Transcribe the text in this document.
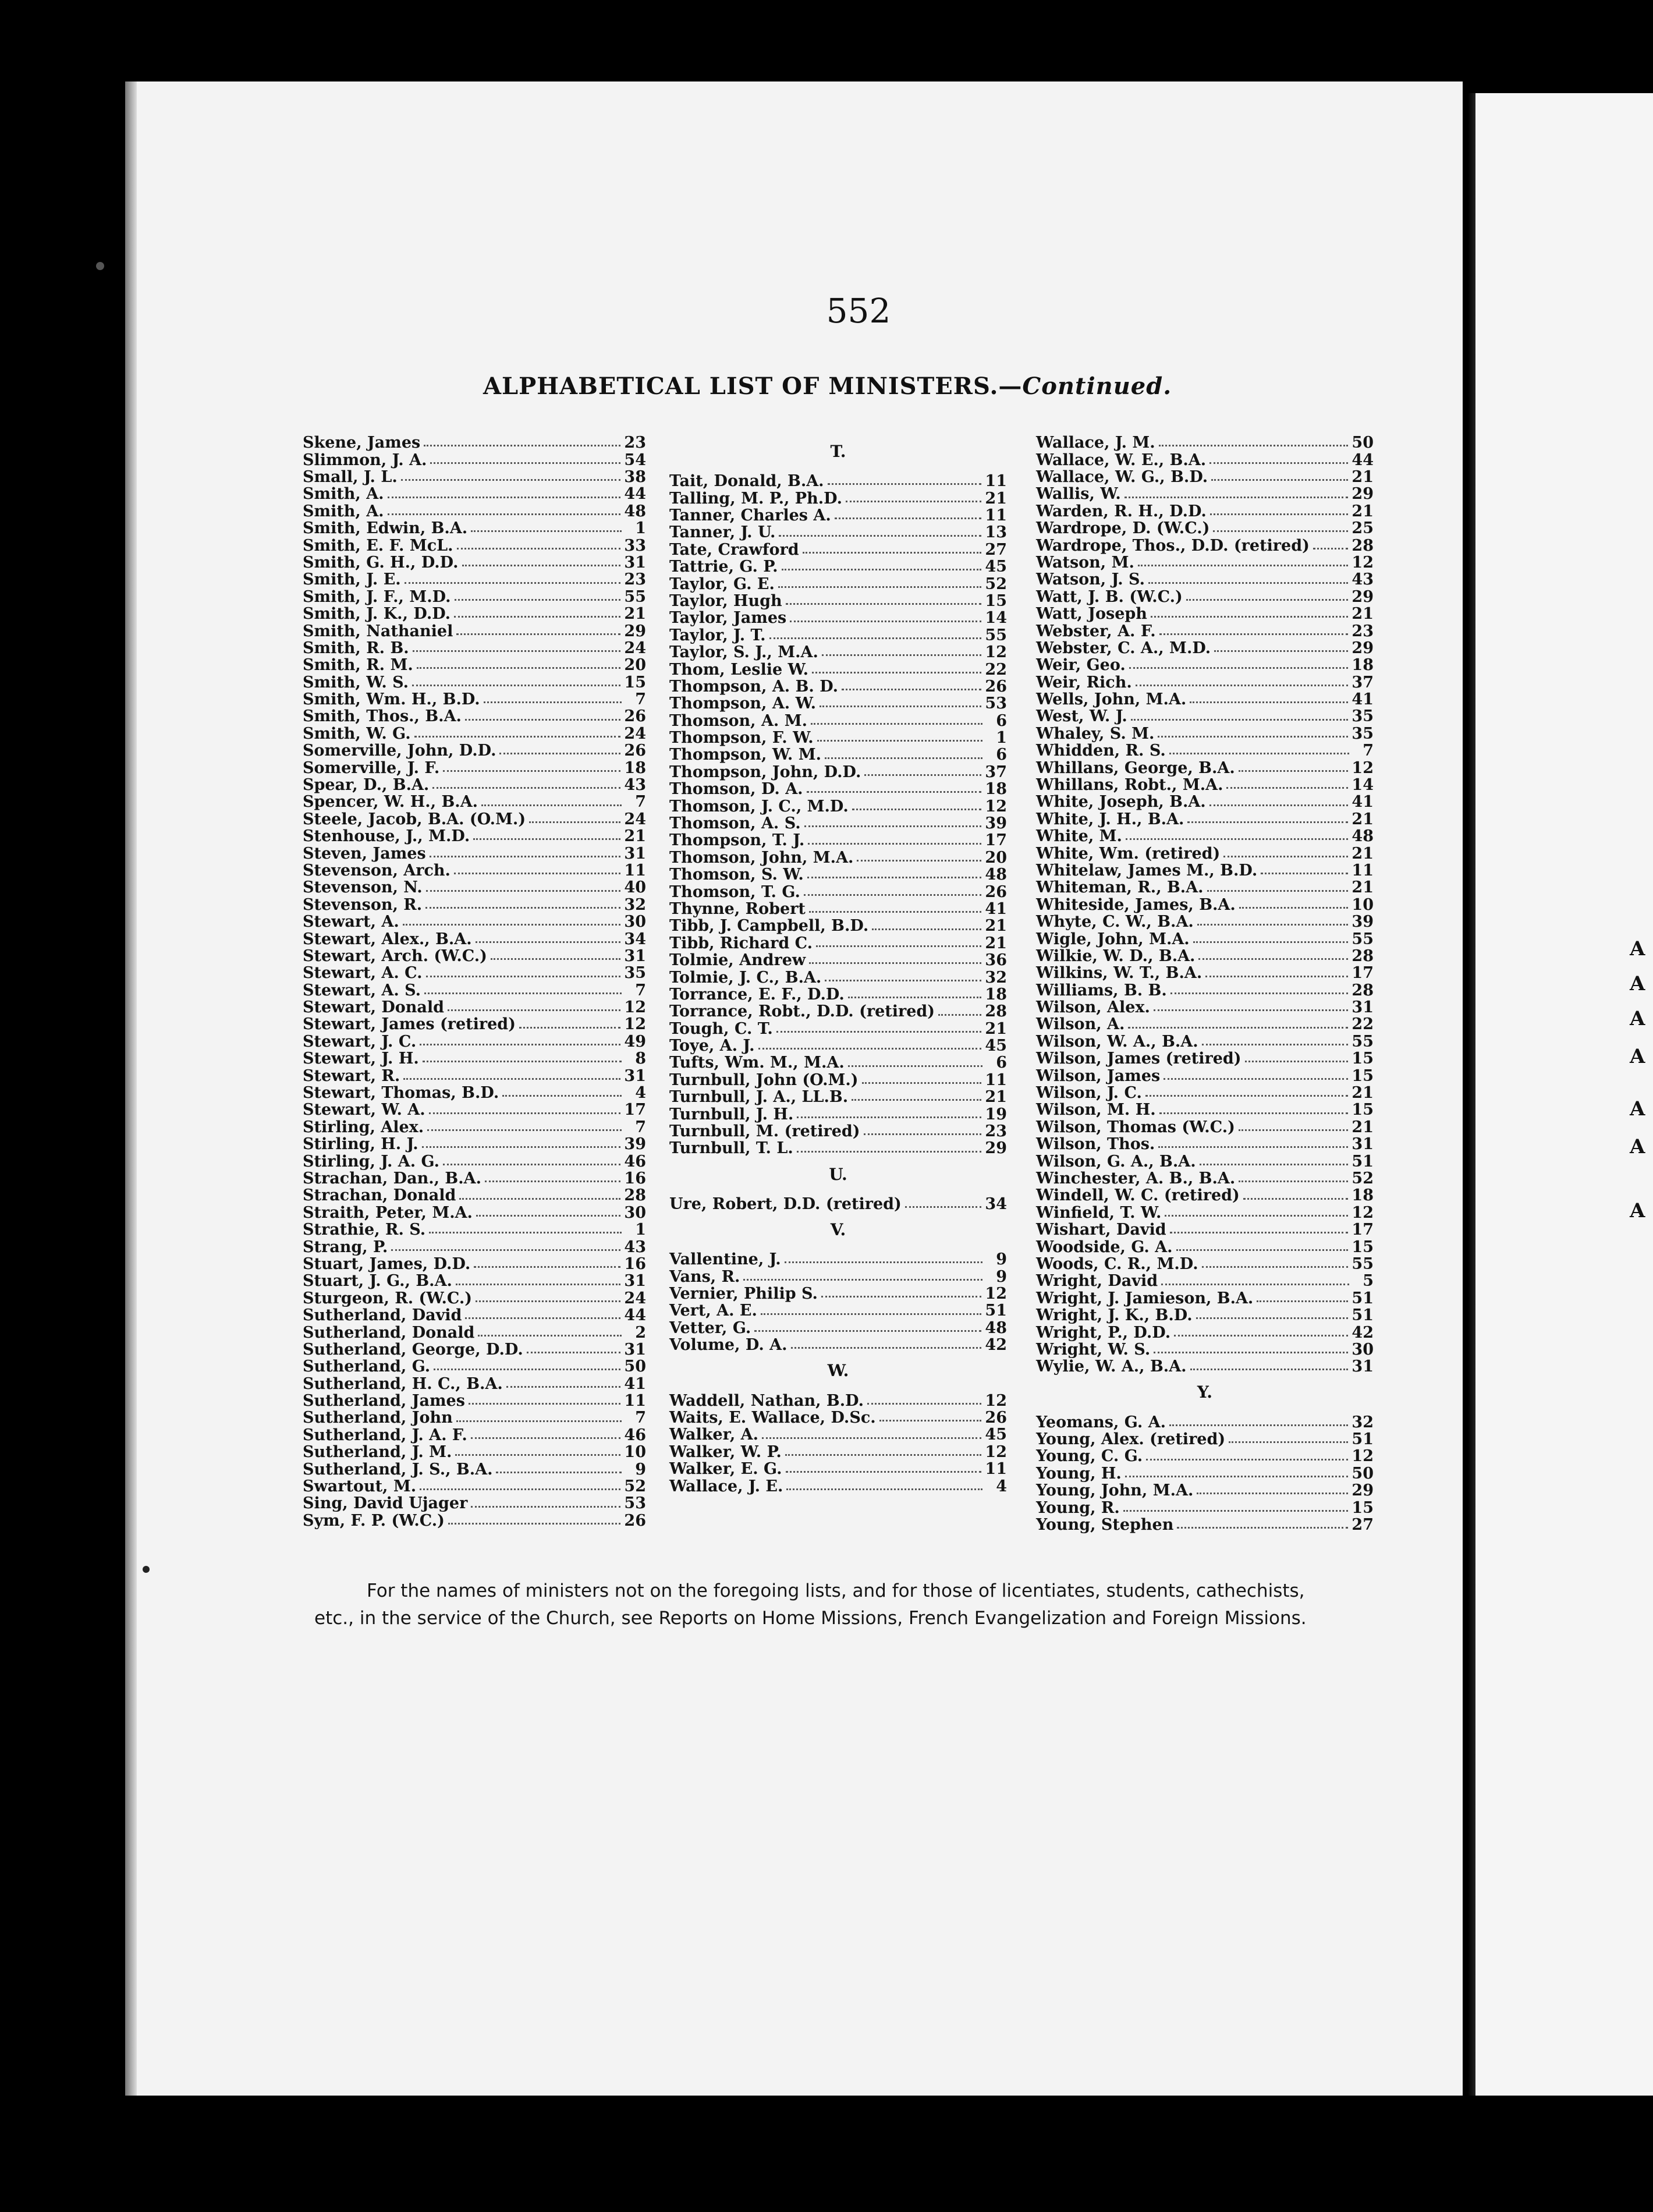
552
ALPHABETICAL LIST OF MINISTERS.—Continued.
Skene, James	23
Slimmon, J. A.	54
Small, J. L.	38
Smith, A.	44
Smith, A.	48
Smith, Edwin, B.A.	1
Smith, E. F. McL.	33
Smith, G. H., D.D.	31
Smith, J. E.	23
Smith, J. F., M.D.	55
Smith, J. K., D.D.	21
Smith, Nathaniel	29
Smith, R. B.	24
Smith, R. M.	20
Smith, W. S.	15
Smith, Wm. H., B.D.	7
Smith, Thos., B.A.	26
Smith, W. G.	24
Somerville, John, D.D.	26
Somerville, J. F.	18
Spear, D., B.A.	43
Spencer, W. H., B.A.	7
Steele, Jacob, B.A. (O.M.)	24
Stenhouse, J., M.D.	21
Steven, James	31
Stevenson, Arch.	11
Stevenson, N.	40
Stevenson, R.	32
Stewart, A.	30
Stewart, Alex., B.A.	34
Stewart, Arch. (W.C.)	31
Stewart, A. C.	35
Stewart, A. S.	7
Stewart, Donald	12
Stewart, James (retired)	12
Stewart, J. C.	49
Stewart, J. H.	8
Stewart, R.	31
Stewart, Thomas, B.D.	4
Stewart, W. A.	17
Stirling, Alex.	7
Stirling, H. J.	39
Stirling, J. A. G.	46
Strachan, Dan., B.A.	16
Strachan, Donald	28
Straith, Peter, M.A.	30
Strathie, R. S.	1
Strang, P.	43
Stuart, James, D.D.	16
Stuart, J. G., B.A.	31
Sturgeon, R. (W.C.)	24
Sutherland, David	44
Sutherland, Donald	2
Sutherland, George, D.D.	31
Sutherland, G.	50
Sutherland, H. C., B.A.	41
Sutherland, James	11
Sutherland, John	7
Sutherland, J. A. F.	46
Sutherland, J. M.	10
Sutherland, J. S., B.A.	9
Swartout, M.	52
Sing, David Ujager	53
Sym, F. P. (W.C.)	26
T.
Tait, Donald, B.A.	11
Talling, M. P., Ph.D.	21
Tanner, Charles A.	11
Tanner, J. U.	13
Tate, Crawford	27
Tattrie, G. P.	45
Taylor, G. E.	52
Taylor, Hugh	15
Taylor, James	14
Taylor, J. T.	55
Taylor, S. J., M.A.	12
Thom, Leslie W.	22
Thompson, A. B. D.	26
Thompson, A. W.	53
Thomson, A. M.	6
Thompson, F. W.	1
Thompson, W. M.	6
Thompson, John, D.D.	37
Thomson, D. A.	18
Thomson, J. C., M.D.	12
Thomson, A. S.	39
Thompson, T. J.	17
Thomson, John, M.A.	20
Thomson, S. W.	48
Thomson, T. G.	26
Thynne, Robert	41
Tibb, J. Campbell, B.D.	21
Tibb, Richard C.	21
Tolmie, Andrew	36
Tolmie, J. C., B.A.	32
Torrance, E. F., D.D.	18
Torrance, Robt., D.D. (retired)	28
Tough, C. T.	21
Toye, A. J.	45
Tufts, Wm. M., M.A.	6
Turnbull, John (O.M.)	11
Turnbull, J. A., LL.B.	21
Turnbull, J. H.	19
Turnbull, M. (retired)	23
Turnbull, T. L.	29
U.
Ure, Robert, D.D. (retired)	34
V.
Vallentine, J.	9
Vans, R.	9
Vernier, Philip S.	12
Vert, A. E.	51
Vetter, G.	48
Volume, D. A.	42
W.
Waddell, Nathan, B.D.	12
Waits, E. Wallace, D.Sc.	26
Walker, A.	45
Walker, W. P.	12
Walker, E. G.	11
Wallace, J. E.	4
Wallace, J. M.	50
Wallace, W. E., B.A.	44
Wallace, W. G., B.D.	21
Wallis, W.	29
Warden, R. H., D.D.	21
Wardrope, D. (W.C.)	25
Wardrope, Thos., D.D. (retired)	28
Watson, M.	12
Watson, J. S.	43
Watt, J. B. (W.C.)	29
Watt, Joseph	21
Webster, A. F.	23
Webster, C. A., M.D.	29
Weir, Geo.	18
Weir, Rich.	37
Wells, John, M.A.	41
West, W. J.	35
Whaley, S. M.	35
Whidden, R. S.	7
Whillans, George, B.A.	12
Whillans, Robt., M.A.	14
White, Joseph, B.A.	41
White, J. H., B.A.	21
White, M.	48
White, Wm. (retired)	21
Whitelaw, James M., B.D.	11
Whiteman, R., B.A.	21
Whiteside, James, B.A.	10
Whyte, C. W., B.A.	39
Wigle, John, M.A.	55
Wilkie, W. D., B.A.	28
Wilkins, W. T., B.A.	17
Williams, B. B.	28
Wilson, Alex.	31
Wilson, A.	22
Wilson, W. A., B.A.	55
Wilson, James (retired)	15
Wilson, James	15
Wilson, J. C.	21
Wilson, M. H.	15
Wilson, Thomas (W.C.)	21
Wilson, Thos.	31
Wilson, G. A., B.A.	51
Winchester, A. B., B.A.	52
Windell, W. C. (retired)	18
Winfield, T. W.	12
Wishart, David	17
Woodside, G. A.	15
Woods, C. R., M.D.	55
Wright, David	5
Wright, J. Jamieson, B.A.	51
Wright, J. K., B.D.	51
Wright, P., D.D.	42
Wright, W. S.	30
Wylie, W. A., B.A.	31
Y.
Yeomans, G. A.	32
Young, Alex. (retired)	51
Young, C. G.	12
Young, H.	50
Young, John, M.A.	29
Young, R.	15
Young, Stephen	27
For the names of ministers not on the foregoing lists, and for those of licentiates, students, cathechists, etc., in the service of the Church, see Reports on Home Missions, French Evangelization and Foreign Missions.
A
A
A
A
A
A
A
